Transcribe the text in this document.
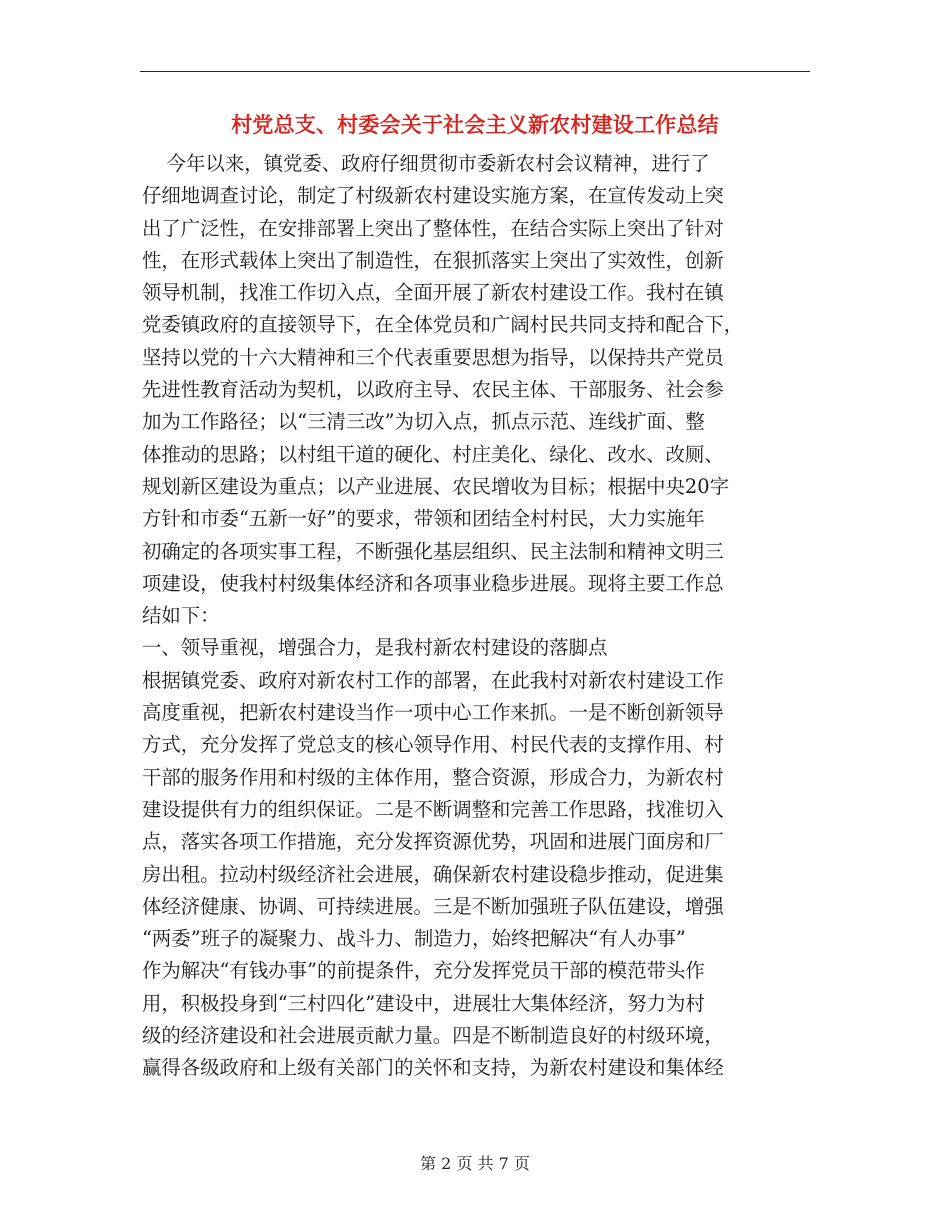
村党总支、村委会关于社会主义新农村建设工作总结
今年以来，镇党委、政府仔细贯彻市委新农村会议精神，进行了
仔细地调查讨论，制定了村级新农村建设实施方案，在宣传发动上突
出了广泛性，在安排部署上突出了整体性，在结合实际上突出了针对
性，在形式载体上突出了制造性，在狠抓落实上突出了实效性，创新
领导机制，找准工作切入点，全面开展了新农村建设工作。我村在镇
党委镇政府的直接领导下，在全体党员和广阔村民共同支持和配合下，
坚持以党的十六大精神和三个代表重要思想为指导，以保持共产党员
先进性教育活动为契机，以政府主导、农民主体、干部服务、社会参
加为工作路径；以“三清三改”为切入点，抓点示范、连线扩面、整
体推动的思路；以村组干道的硬化、村庄美化、绿化、改水、改厕、
规划新区建设为重点；以产业进展、农民增收为目标；根据中央20字
方针和市委“五新一好”的要求，带领和团结全村村民，大力实施年
初确定的各项实事工程，不断强化基层组织、民主法制和精神文明三
项建设，使我村村级集体经济和各项事业稳步进展。现将主要工作总
结如下：
一、领导重视，增强合力，是我村新农村建设的落脚点
根据镇党委、政府对新农村工作的部署，在此我村对新农村建设工作
高度重视，把新农村建设当作一项中心工作来抓。一是不断创新领导
方式，充分发挥了党总支的核心领导作用、村民代表的支撑作用、村
干部的服务作用和村级的主体作用，整合资源，形成合力，为新农村
建设提供有力的组织保证。二是不断调整和完善工作思路，找准切入
点，落实各项工作措施，充分发挥资源优势，巩固和进展门面房和厂
房出租。拉动村级经济社会进展，确保新农村建设稳步推动，促进集
体经济健康、协调、可持续进展。三是不断加强班子队伍建设，增强
“两委”班子的凝聚力、战斗力、制造力，始终把解决“有人办事”
作为解决“有钱办事”的前提条件，充分发挥党员干部的模范带头作
用，积极投身到“三村四化”建设中，进展壮大集体经济，努力为村
级的经济建设和社会进展贡献力量。四是不断制造良好的村级环境，
赢得各级政府和上级有关部门的关怀和支持，为新农村建设和集体经
第 2 页 共 7 页
